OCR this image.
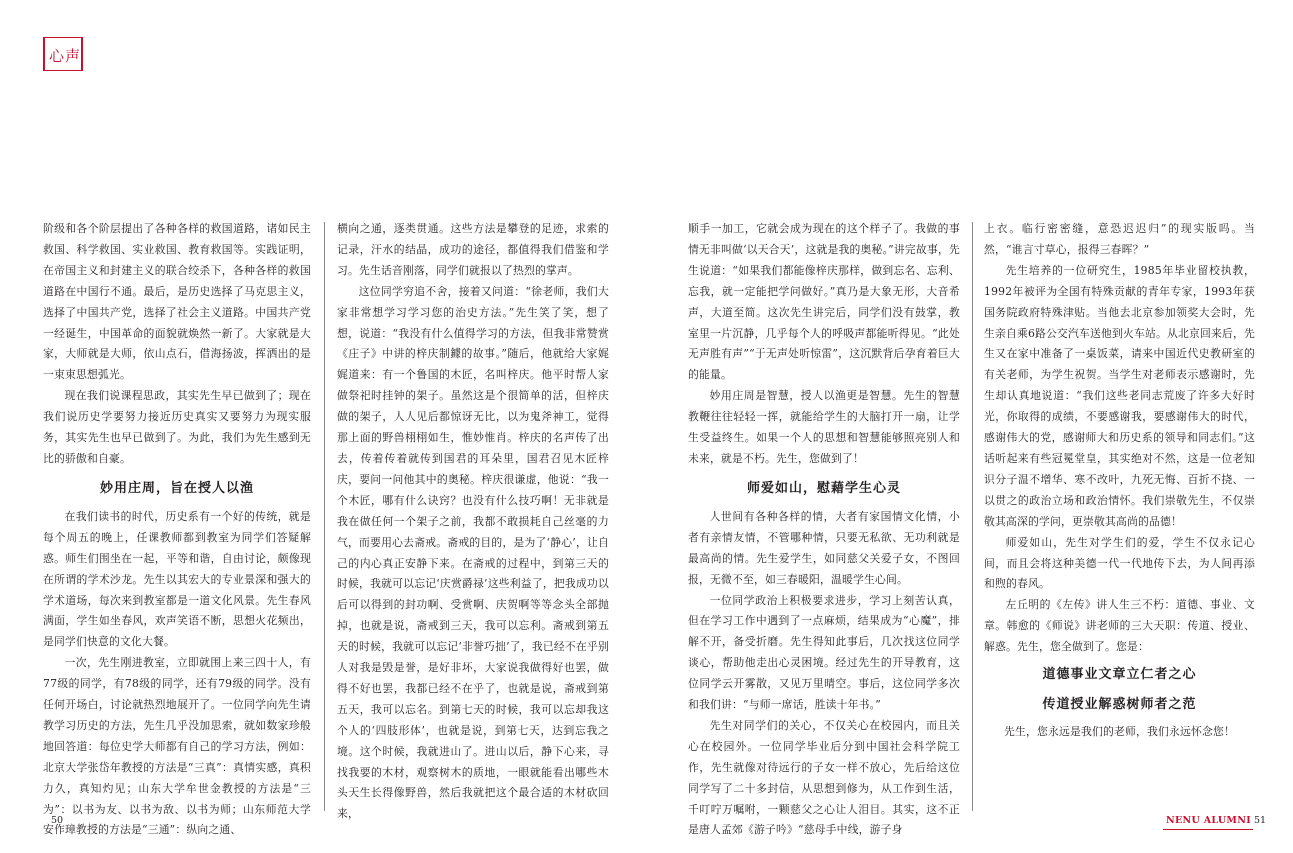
心声

阶级和各个阶层提出了各种各样的救国道路，诸如民主救国、科学救国、实业救国、教育救国等。实践证明，在帝国主义和封建主义的联合绞杀下，各种各样的救国道路在中国行不通。最后，是历史选择了马克思主义，选择了中国共产党，选择了社会主义道路。中国共产党一经诞生，中国革命的面貌就焕然一新了。大家就是大家，大师就是大师，依山点石，借海扬波，挥洒出的是一束束思想弧光。

现在我们说课程思政，其实先生早已做到了；现在我们说历史学要努力接近历史真实又要努力为现实服务，其实先生也早已做到了。为此，我们为先生感到无比的骄傲和自豪。

妙用庄周，旨在授人以渔

在我们读书的时代，历史系有一个好的传统，就是每个周五的晚上，任课教师都到教室为同学们答疑解惑。师生们围坐在一起，平等和谐，自由讨论，颇像现在所谓的学术沙龙。先生以其宏大的专业景深和强大的学术道场，每次来到教室都是一道文化风景。先生春风满面，学生如坐春风，欢声笑语不断，思想火花频出，是同学们快意的文化大餐。

一次，先生刚进教室，立即就围上来三四十人，有77级的同学，有78级的同学，还有79级的同学。没有任何开场白，讨论就热烈地展开了。一位同学向先生请教学习历史的方法，先生几乎没加思索，就如数家珍般地回答道：每位史学大师都有自己的学习方法，例如：北京大学张岱年教授的方法是“三真”：真情实感，真积力久，真知灼见；山东大学牟世金教授的方法是“三为”：以书为友、以书为敌、以书为师；山东师范大学安作璋教授的方法是“三通”：纵向之通、

横向之通，逐类贯通。这些方法是攀登的足迹，求索的记录，汗水的结晶，成功的途径，都值得我们借鉴和学习。先生话音刚落，同学们就报以了热烈的掌声。

这位同学穷追不舍，接着又问道：“徐老师，我们大家非常想学习学习您的治史方法。”先生笑了笑，想了想，说道：“我没有什么值得学习的方法，但我非常赞赏《庄子》中讲的梓庆制鐻的故事。”随后，他就给大家娓娓道来：有一个鲁国的木匠，名叫梓庆。他平时帮人家做祭祀时挂钟的架子。虽然这是个很简单的活，但梓庆做的架子，人人见后都惊讶无比，以为鬼斧神工，觉得那上面的野兽栩栩如生，惟妙惟肖。梓庆的名声传了出去，传着传着就传到国君的耳朵里，国君召见木匠梓庆，要问一问他其中的奥秘。梓庆很谦虚，他说：“我一个木匠，哪有什么诀窍？也没有什么技巧啊！无非就是我在做任何一个架子之前，我都不敢损耗自己丝毫的力气，而要用心去斋戒。斋戒的目的，是为了‘静心’，让自己的内心真正安静下来。在斋戒的过程中，到第三天的时候，我就可以忘记‘庆赏爵禄’这些利益了，把我成功以后可以得到的封功啊、受赏啊、庆贺啊等等念头全部抛掉，也就是说，斋戒到三天，我可以忘利。斋戒到第五天的时候，我就可以忘记‘非誉巧拙’了，我已经不在乎别人对我是毁是誉，是好非坏，大家说我做得好也罢，做得不好也罢，我都已经不在乎了，也就是说，斋戒到第五天，我可以忘名。到第七天的时候，我可以忘却我这个人的‘四肢形体’，也就是说，到第七天，达到忘我之境。这个时候，我就进山了。进山以后，静下心来，寻找我要的木材，观察树木的质地，一眼就能看出哪些木头天生长得像野兽，然后我就把这个最合适的木材砍回来，

顺手一加工，它就会成为现在的这个样子了。我做的事情无非叫做‘以天合天’，这就是我的奥秘。”讲完故事，先生说道：“如果我们都能像梓庆那样，做到忘名、忘利、忘我，就一定能把学问做好。”真乃是大象无形，大音希声，大道至简。这次先生讲完后，同学们没有鼓掌，教室里一片沉静，几乎每个人的呼吸声都能听得见。“此处无声胜有声”“于无声处听惊雷”，这沉默背后孕育着巨大的能量。

妙用庄周是智慧，授人以渔更是智慧。先生的智慧教鞭往往轻轻一挥，就能给学生的大脑打开一扇，让学生受益终生。如果一个人的思想和智慧能够照亮别人和未来，就是不朽。先生，您做到了！

师爱如山，慰藉学生心灵

人世间有各种各样的情，大者有家国情文化情，小者有亲情友情，不管哪种情，只要无私欲、无功利就是最高尚的情。先生爱学生，如同慈父关爱子女，不图回报，无微不至，如三春暖阳，温暖学生心间。

一位同学政治上积极要求进步，学习上刻苦认真，但在学习工作中遇到了一点麻烦，结果成为“心魔”，排解不开，备受折磨。先生得知此事后，几次找这位同学谈心，帮助他走出心灵困境。经过先生的开导教育，这位同学云开雾散，又见万里晴空。事后，这位同学多次和我们讲：“与师一席话，胜读十年书。”

先生对同学们的关心，不仅关心在校园内，而且关心在校园外。一位同学毕业后分到中国社会科学院工作，先生就像对待远行的子女一样不放心，先后给这位同学写了二十多封信，从思想到修为，从工作到生活，千叮咛万嘱咐，一颗慈父之心让人泪目。其实，这不正是唐人孟郊《游子吟》“慈母手中线，游子身

上衣。临行密密缝，意恐迟迟归”的现实版吗。当然，“谁言寸草心，报得三春晖？”

先生培养的一位研究生，1985年毕业留校执教，1992年被评为全国有特殊贡献的青年专家，1993年获国务院政府特殊津贴。当他去北京参加领奖大会时，先生亲自乘6路公交汽车送他到火车站。从北京回来后，先生又在家中准备了一桌饭菜，请来中国近代史教研室的有关老师，为学生祝贺。当学生对老师表示感谢时，先生却认真地说道：“我们这些老同志荒废了许多大好时光，你取得的成绩，不要感谢我，要感谢伟大的时代，感谢伟大的党，感谢师大和历史系的领导和同志们。”这话听起来有些冠冕堂皇，其实绝对不然，这是一位老知识分子温不增华、寒不改叶，九死无悔、百折不挠、一以贯之的政治立场和政治情怀。我们崇敬先生，不仅崇敬其高深的学问，更崇敬其高尚的品德！

师爱如山，先生对学生们的爱，学生不仅永记心间，而且会将这种美德一代一代地传下去，为人间再添和煦的春风。

左丘明的《左传》讲人生三不朽：道德、事业、文章。韩愈的《师说》讲老师的三大天职：传道、授业、解惑。先生，您全做到了。您是：

道德事业文章立仁者之心
传道授业解惑树师者之范

先生，您永远是我们的老师，我们永远怀念您！

50	NENU ALUMNI 51
